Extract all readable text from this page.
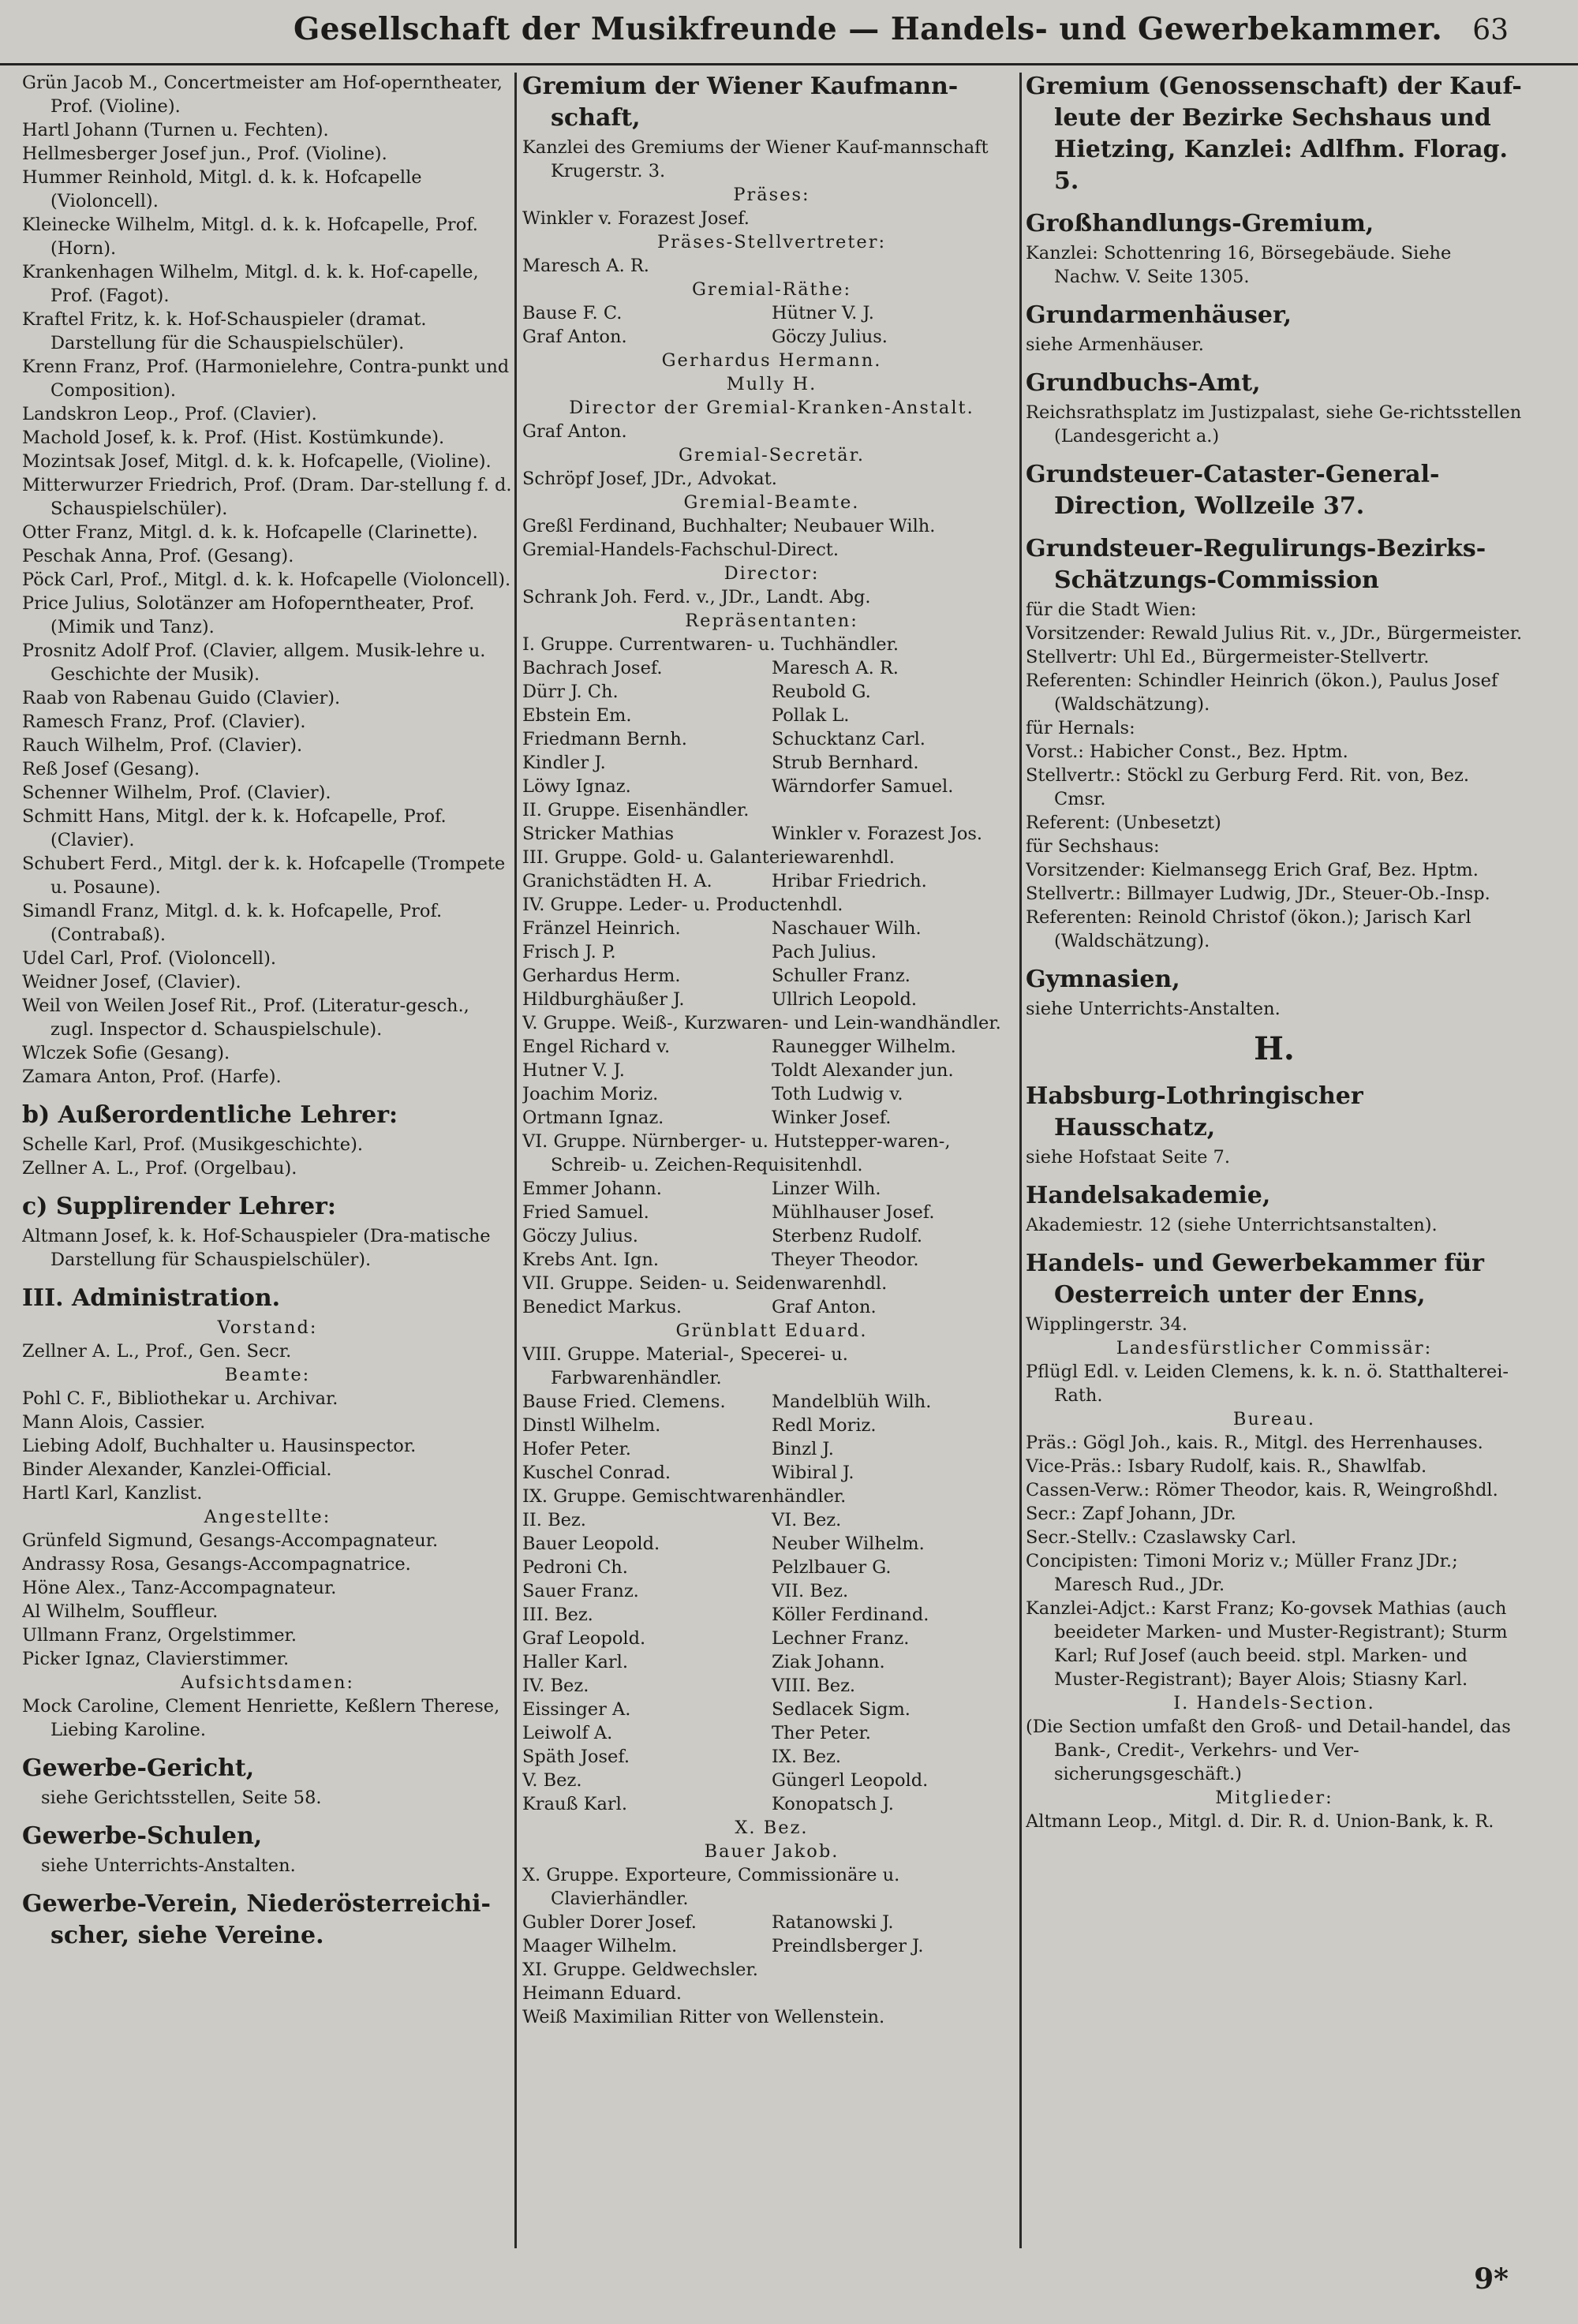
Gesellschaft der Musikfreunde — Handels- und Gewerbekammer. 63
Grün Jacob M., Concertmeister am Hof-operntheater, Prof. (Violine).
Hartl Johann (Turnen u. Fechten).
Hellmesberger Josef jun., Prof. (Violine).
Hummer Reinhold, Mitgl. d. k. k. Hofcapelle (Violoncell).
Kleinecke Wilhelm, Mitgl. d. k. k. Hofcapelle, Prof. (Horn).
Krankenhagen Wilhelm, Mitgl. d. k. k. Hof-capelle, Prof. (Fagot).
Kraftel Fritz, k. k. Hof-Schauspieler (dramat. Darstellung für die Schauspielschüler).
Krenn Franz, Prof. (Harmonielehre, Contra-punkt und Composition).
Landskron Leop., Prof. (Clavier).
Machold Josef, k. k. Prof. (Hist. Kostümkunde).
Mozintsak Josef, Mitgl. d. k. k. Hofcapelle, (Violine).
Mitterwurzer Friedrich, Prof. (Dram. Dar-stellung f. d. Schauspielschüler).
Otter Franz, Mitgl. d. k. k. Hofcapelle (Clarinette).
Peschak Anna, Prof. (Gesang).
Pöck Carl, Prof., Mitgl. d. k. k. Hofcapelle (Violoncell).
Price Julius, Solotänzer am Hofoperntheater, Prof. (Mimik und Tanz).
Prosnitz Adolf Prof. (Clavier, allgem. Musik-lehre u. Geschichte der Musik).
Raab von Rabenau Guido (Clavier).
Ramesch Franz, Prof. (Clavier).
Rauch Wilhelm, Prof. (Clavier).
Reß Josef (Gesang).
Schenner Wilhelm, Prof. (Clavier).
Schmitt Hans, Mitgl. der k. k. Hofcapelle, Prof. (Clavier).
Schubert Ferd., Mitgl. der k. k. Hofcapelle (Trompete u. Posaune).
Simandl Franz, Mitgl. d. k. k. Hofcapelle, Prof. (Contrabaß).
Udel Carl, Prof. (Violoncell).
Weidner Josef, (Clavier).
Weil von Weilen Josef Rit., Prof. (Literatur-gesch., zugl. Inspector d. Schauspielschule).
Wlczek Sofie (Gesang).
Zamara Anton, Prof. (Harfe).
b) Außerordentliche Lehrer:
Schelle Karl, Prof. (Musikgeschichte).
Zellner A. L., Prof. (Orgelbau).
c) Supplirender Lehrer:
Altmann Josef, k. k. Hof-Schauspieler (Dra-matische Darstellung für Schauspielschüler).
III. Administration.
Vorstand:
Zellner A. L., Prof., Gen. Secr.
Beamte:
Pohl C. F., Bibliothekar u. Archivar.
Mann Alois, Cassier.
Liebing Adolf, Buchhalter u. Hausinspector.
Binder Alexander, Kanzlei-Official.
Hartl Karl, Kanzlist.
Angestellte:
Grünfeld Sigmund, Gesangs-Accompagnateur.
Andrassy Rosa, Gesangs-Accompagnatrice.
Höne Alex., Tanz-Accompagnateur.
Al Wilhelm, Souffleur.
Ullmann Franz, Orgelstimmer.
Picker Ignaz, Clavierstimmer.
Aufsichtsdamen:
Mock Caroline, Clement Henriette, Keßlern Therese, Liebing Karoline.
Gewerbe-Gericht,
siehe Gerichtsstellen, Seite 58.
Gewerbe-Schulen,
siehe Unterrichts-Anstalten.
Gewerbe-Verein, Niederösterreichi-scher, siehe Vereine.
Gremium der Wiener Kaufmann-schaft,
Kanzlei des Gremiums der Wiener Kauf-mannschaft Krugerstr. 3.
Präses:
Winkler v. Forazest Josef.
Präses-Stellvertreter:
Maresch A. R.
Gremial-Räthe:
Bause F. C.	Hütner V. J.
Graf Anton.	Göczy Julius.
Gerhardus Hermann.
Mully H.
Director der Gremial-Kranken-Anstalt.
Graf Anton.
Gremial-Secretär.
Schröpf Josef, JDr., Advokat.
Gremial-Beamte.
Greßl Ferdinand, Buchhalter; Neubauer Wilh.
Gremial-Handels-Fachschul-Direct.
Director:
Schrank Joh. Ferd. v., JDr., Landt. Abg.
Repräsentanten:
I. Gruppe. Currentwaren- u. Tuchhändler.
Bachrach Josef.	Maresch A. R.
Dürr J. Ch.	Reubold G.
Ebstein Em.	Pollak L.
Friedmann Bernh.	Schucktanz Carl.
Kindler J.	Strub Bernhard.
Löwy Ignaz.	Wärndorfer Samuel.
II. Gruppe. Eisenhändler.
Stricker Mathias	Winkler v. Forazest Jos.
III. Gruppe. Gold- u. Galanteriewarenhdl.
Granichstädten H. A.	Hribar Friedrich.
IV. Gruppe. Leder- u. Productenhdl.
Fränzel Heinrich.	Naschauer Wilh.
Frisch J. P.	Pach Julius.
Gerhardus Herm.	Schuller Franz.
Hildburghäußer J.	Ullrich Leopold.
V. Gruppe. Weiß-, Kurzwaren- und Lein-wandhändler.
Engel Richard v.	Raunegger Wilhelm.
Hutner V. J.	Toldt Alexander jun.
Joachim Moriz.	Toth Ludwig v.
Ortmann Ignaz.	Winker Josef.
VI. Gruppe. Nürnberger- u. Hutstepper-waren-, Schreib- u. Zeichen-Requisitenhdl.
Emmer Johann.	Linzer Wilh.
Fried Samuel.	Mühlhauser Josef.
Göczy Julius.	Sterbenz Rudolf.
Krebs Ant. Ign.	Theyer Theodor.
VII. Gruppe. Seiden- u. Seidenwarenhdl.
Benedict Markus.	Graf Anton.
Grünblatt Eduard.
VIII. Gruppe. Material-, Specerei- u. Farbwarenhändler.
Bause Fried. Clemens.	Mandelblüh Wilh.
Dinstl Wilhelm.	Redl Moriz.
Hofer Peter.	Binzl J.
Kuschel Conrad.	Wibiral J.
IX. Gruppe. Gemischtwarenhändler.
II. Bez.	VI. Bez.
Bauer Leopold.	Neuber Wilhelm.
Pedroni Ch.	Pelzlbauer G.
Sauer Franz.	VII. Bez.
III. Bez.	Köller Ferdinand.
Graf Leopold.	Lechner Franz.
Haller Karl.	Ziak Johann.
IV. Bez.	VIII. Bez.
Eissinger A.	Sedlacek Sigm.
Leiwolf A.	Ther Peter.
Späth Josef.	IX. Bez.
V. Bez.	Güngerl Leopold.
Krauß Karl.	Konopatsch J.
X. Bez.
Bauer Jakob.
X. Gruppe. Exporteure, Commissionäre u. Clavierhändler.
Gubler Dorer Josef.	Ratanowski J.
Maager Wilhelm.	Preindlsberger J.
XI. Gruppe. Geldwechsler.
Heimann Eduard.
Weiß Maximilian Ritter von Wellenstein.
Gremium (Genossenschaft) der Kauf-leute der Bezirke Sechshaus und Hietzing, Kanzlei: Adlfhm. Florag. 5.
Großhandlungs-Gremium,
Kanzlei: Schottenring 16, Börsegebäude. Siehe Nachw. V. Seite 1305.
Grundarmenhäuser,
siehe Armenhäuser.
Grundbuchs-Amt,
Reichsrathsplatz im Justizpalast, siehe Ge-richtsstellen (Landesgericht a.)
Grundsteuer-Cataster-General-Direction, Wollzeile 37.
Grundsteuer-Regulirungs-Bezirks-Schätzungs-Commission
für die Stadt Wien:
Vorsitzender: Rewald Julius Rit. v., JDr., Bürgermeister.
Stellvertr: Uhl Ed., Bürgermeister-Stellvertr.
Referenten: Schindler Heinrich (ökon.), Paulus Josef (Waldschätzung).
für Hernals:
Vorst.: Habicher Const., Bez. Hptm.
Stellvertr.: Stöckl zu Gerburg Ferd. Rit. von, Bez. Cmsr.
Referent: (Unbesetzt)
für Sechshaus:
Vorsitzender: Kielmansegg Erich Graf, Bez. Hptm.
Stellvertr.: Billmayer Ludwig, JDr., Steuer-Ob.-Insp.
Referenten: Reinold Christof (ökon.); Jarisch Karl (Waldschätzung).
Gymnasien,
siehe Unterrichts-Anstalten.
H.
Habsburg-Lothringischer Hausschatz,
siehe Hofstaat Seite 7.
Handelsakademie,
Akademiestr. 12 (siehe Unterrichtsanstalten).
Handels- und Gewerbekammer für Oesterreich unter der Enns,
Wipplingerstr. 34.
Landesfürstlicher Commissär:
Pflügl Edl. v. Leiden Clemens, k. k. n. ö. Statthalterei-Rath.
Bureau.
Präs.: Gögl Joh., kais. R., Mitgl. des Herrenhauses.
Vice-Präs.: Isbary Rudolf, kais. R., Shawlfab.
Cassen-Verw.: Römer Theodor, kais. R, Weingroßhdl.
Secr.: Zapf Johann, JDr.
Secr.-Stellv.: Czaslawsky Carl.
Concipisten: Timoni Moriz v.; Müller Franz JDr.; Maresch Rud., JDr.
Kanzlei-Adjct.: Karst Franz; Ko-govsek Mathias (auch beeideter Marken- und Muster-Registrant); Sturm Karl; Ruf Josef (auch beeid. stpl. Marken- und Muster-Registrant); Bayer Alois; Stiasny Karl.
I. Handels-Section.
(Die Section umfaßt den Groß- und Detail-handel, das Bank-, Credit-, Verkehrs- und Ver-sicherungsgeschäft.)
Mitglieder:
Altmann Leop., Mitgl. d. Dir. R. d. Union-Bank, k. R.
9*
